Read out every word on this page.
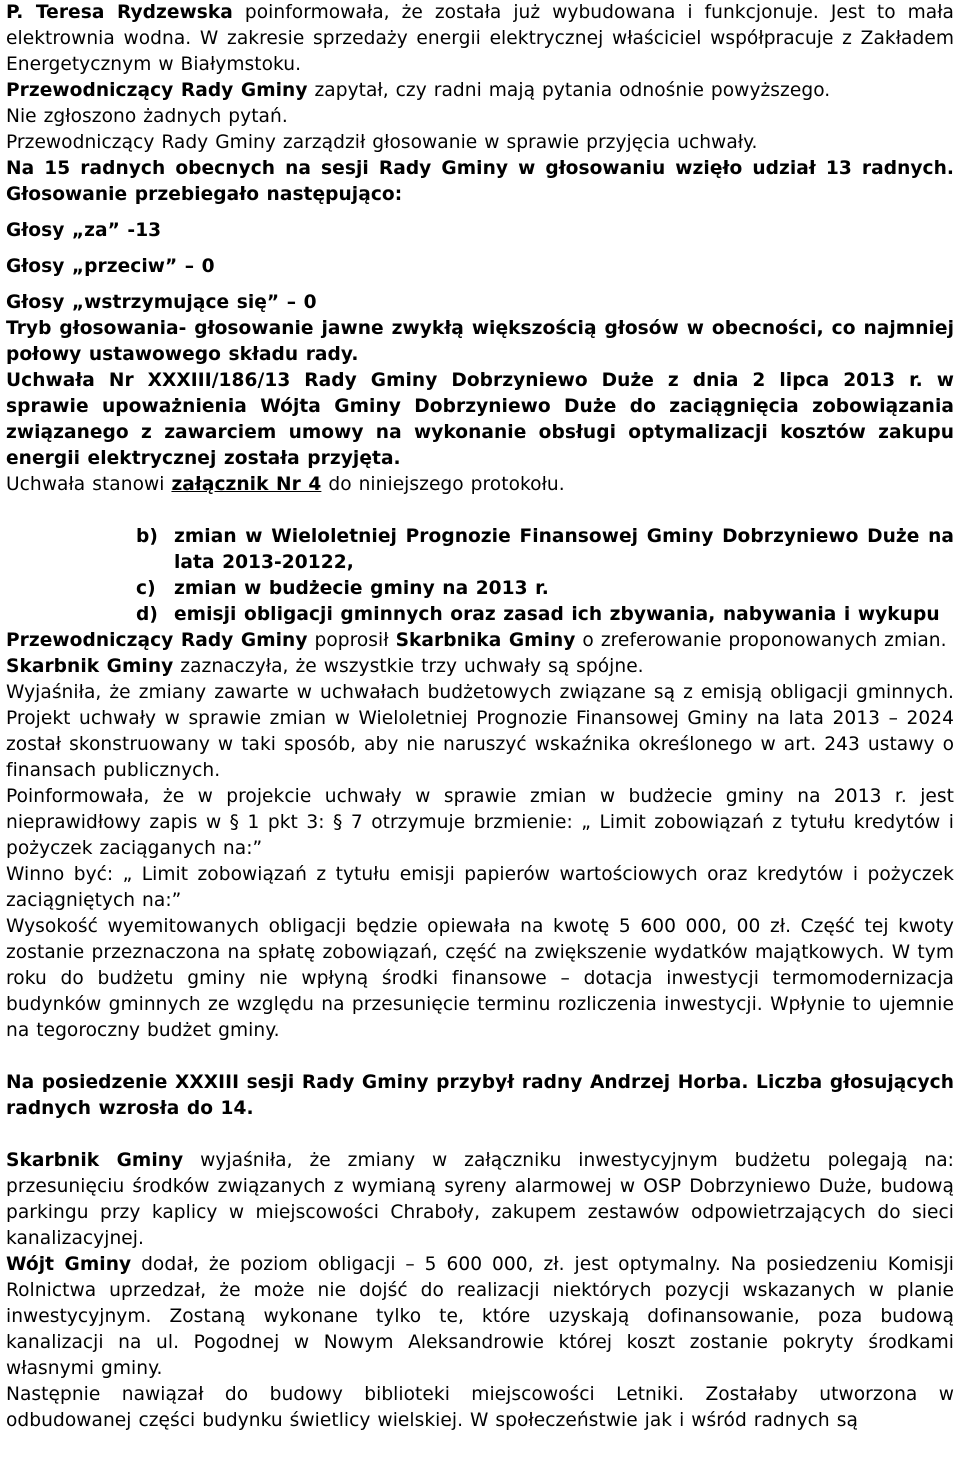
P. Teresa Rydzewska poinformowała, że została już wybudowana i funkcjonuje. Jest to mała elektrownia wodna. W zakresie sprzedaży energii elektrycznej właściciel współpracuje z Zakładem Energetycznym w Białymstoku.

Przewodniczący Rady Gminy zapytał, czy radni mają pytania odnośnie powyższego.

Nie zgłoszono żadnych pytań.

Przewodniczący Rady Gminy zarządził głosowanie w sprawie przyjęcia uchwały.

Na 15 radnych obecnych na sesji Rady Gminy w głosowaniu wzięło udział 13 radnych. Głosowanie przebiegało następująco:

Głosy „za” -13

Głosy „przeciw” – 0

Głosy „wstrzymujące się” – 0

Tryb głosowania- głosowanie jawne zwykłą większością głosów w obecności, co najmniej połowy ustawowego składu rady.

Uchwała Nr XXXIII/186/13 Rady Gminy Dobrzyniewo Duże z dnia 2 lipca 2013 r. w sprawie upoważnienia Wójta Gminy Dobrzyniewo Duże do zaciągnięcia zobowiązania związanego z zawarciem umowy na wykonanie obsługi optymalizacji kosztów zakupu energii elektrycznej została przyjęta.

Uchwała stanowi załącznik Nr 4 do niniejszego protokołu.

b) zmian w Wieloletniej Prognozie Finansowej Gminy Dobrzyniewo Duże na lata 2013-20122,
c) zmian w budżecie gminy na 2013 r.
d) emisji obligacji gminnych oraz zasad ich zbywania, nabywania i wykupu

Przewodniczący Rady Gminy poprosił Skarbnika Gminy o zreferowanie proponowanych zmian.

Skarbnik Gminy zaznaczyła, że wszystkie trzy uchwały są spójne.

Wyjaśniła, że zmiany zawarte w uchwałach budżetowych związane są z emisją obligacji gminnych. Projekt uchwały w sprawie zmian w Wieloletniej Prognozie Finansowej Gminy na lata 2013 – 2024 został skonstruowany w taki sposób, aby nie naruszyć wskaźnika określonego w art. 243 ustawy o finansach publicznych.

Poinformowała, że w projekcie uchwały w sprawie zmian w budżecie gminy na 2013 r. jest nieprawidłowy zapis w § 1 pkt 3: § 7 otrzymuje brzmienie: „ Limit zobowiązań z tytułu kredytów i pożyczek zaciąganych na:”

Winno być: „ Limit zobowiązań z tytułu emisji papierów wartościowych oraz kredytów i pożyczek zaciągniętych na:”

Wysokość wyemitowanych obligacji będzie opiewała na kwotę 5 600 000, 00 zł. Część tej kwoty zostanie przeznaczona na spłatę zobowiązań, część na zwiększenie wydatków majątkowych. W tym roku do budżetu gminy nie wpłyną środki finansowe – dotacja inwestycji termomodernizacja budynków gminnych ze względu na przesunięcie terminu rozliczenia inwestycji. Wpłynie to ujemnie na tegoroczny budżet gminy.

Na posiedzenie XXXIII sesji Rady Gminy przybył radny Andrzej Horba. Liczba głosujących radnych wzrosła do 14.

Skarbnik Gminy wyjaśniła, że zmiany w załączniku inwestycyjnym budżetu polegają na: przesunięciu środków związanych z wymianą syreny alarmowej w OSP Dobrzyniewo Duże, budową parkingu przy kaplicy w miejscowości Chraboły, zakupem zestawów odpowietrzających do sieci kanalizacyjnej.

Wójt Gminy dodał, że poziom obligacji – 5 600 000, zł. jest optymalny. Na posiedzeniu Komisji Rolnictwa uprzedzał, że może nie dojść do realizacji niektórych pozycji wskazanych w planie inwestycyjnym. Zostaną wykonane tylko te, które uzyskają dofinansowanie, poza budową kanalizacji na ul. Pogodnej w Nowym Aleksandrowie której koszt zostanie pokryty środkami własnymi gminy.

Następnie nawiązał do budowy biblioteki miejscowości Letniki. Zostałaby utworzona w odbudowanej części budynku świetlicy wielskiej. W społeczeństwie jak i wśród radnych są
